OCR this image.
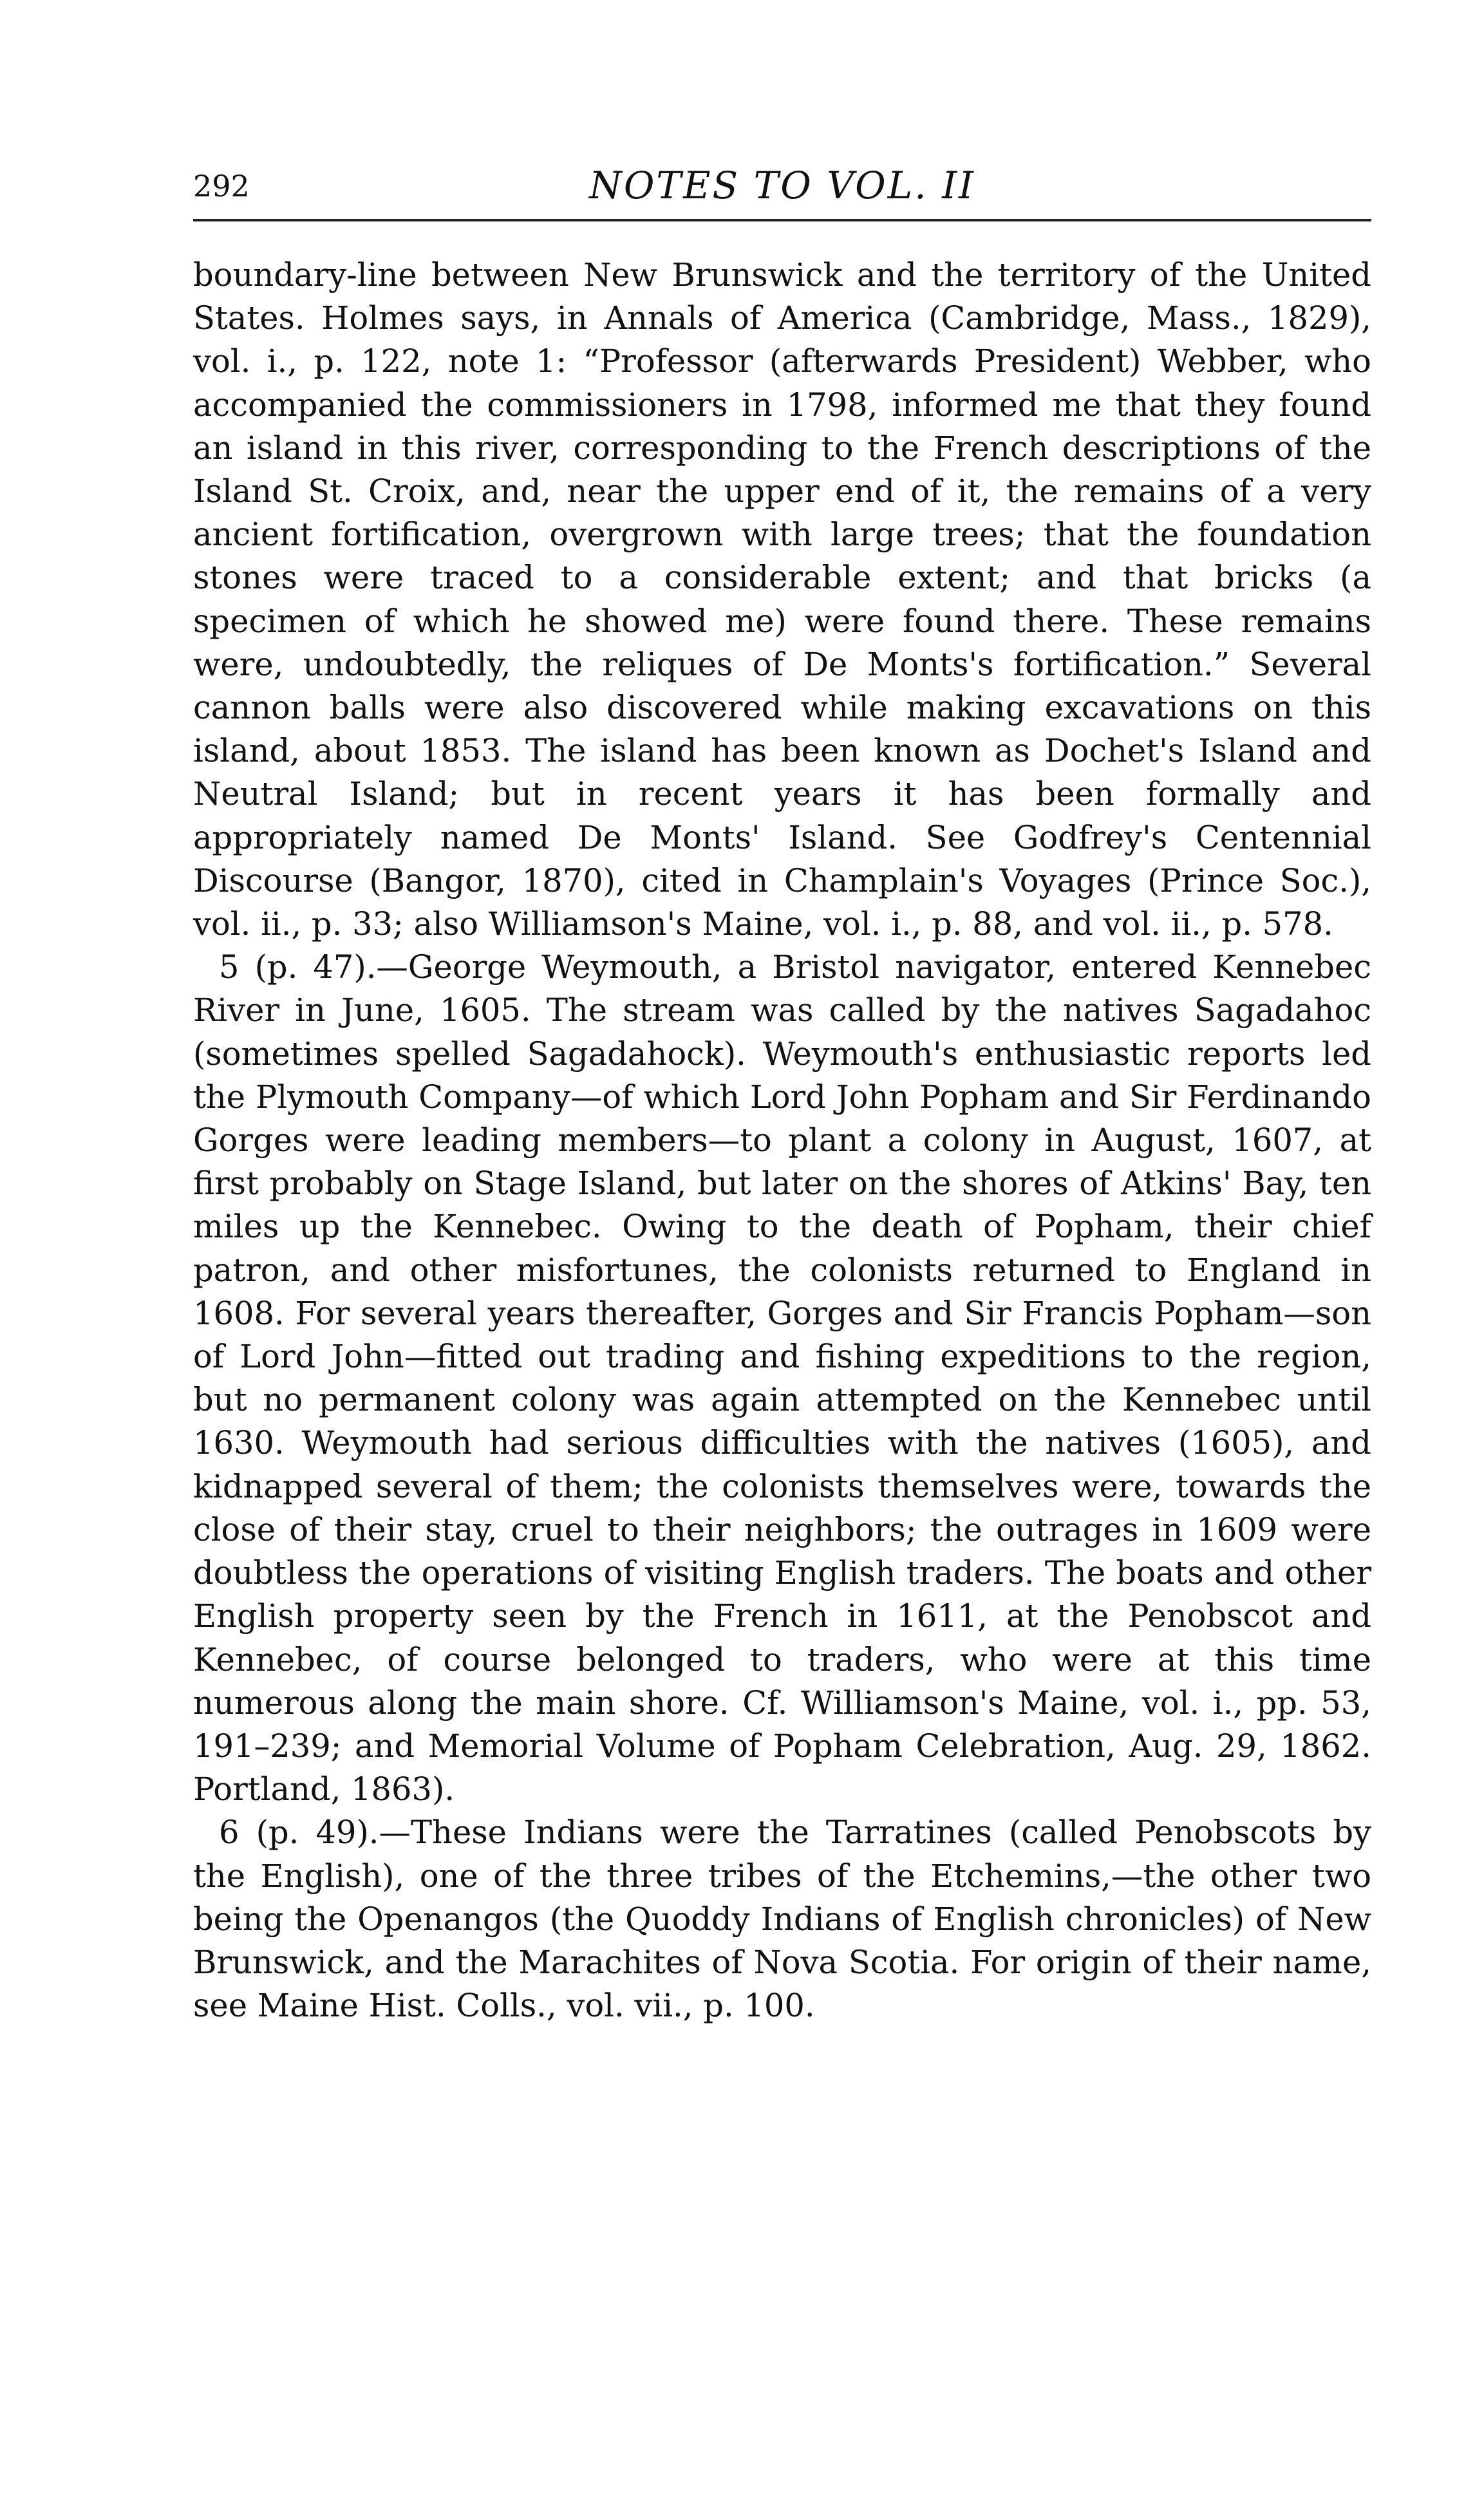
292	NOTES TO VOL. II

boundary-line between New Brunswick and the territory of the United States. Holmes says, in Annals of America (Cambridge, Mass., 1829), vol. i., p. 122, note 1: “Professor (afterwards President) Webber, who accompanied the commissioners in 1798, informed me that they found an island in this river, corresponding to the French descriptions of the Island St. Croix, and, near the upper end of it, the remains of a very ancient fortification, overgrown with large trees; that the foundation stones were traced to a considerable extent; and that bricks (a specimen of which he showed me) were found there. These remains were, undoubtedly, the reliques of De Monts's fortification.” Several cannon balls were also discovered while making excavations on this island, about 1853. The island has been known as Dochet's Island and Neutral Island; but in recent years it has been formally and appropriately named De Monts' Island. See Godfrey's Centennial Discourse (Bangor, 1870), cited in Champlain's Voyages (Prince Soc.), vol. ii., p. 33; also Williamson's Maine, vol. i., p. 88, and vol. ii., p. 578.

5 (p. 47).—George Weymouth, a Bristol navigator, entered Kennebec River in June, 1605. The stream was called by the natives Sagadahoc (sometimes spelled Sagadahock). Weymouth's enthusiastic reports led the Plymouth Company—of which Lord John Popham and Sir Ferdinando Gorges were leading members—to plant a colony in August, 1607, at first probably on Stage Island, but later on the shores of Atkins' Bay, ten miles up the Kennebec. Owing to the death of Popham, their chief patron, and other misfortunes, the colonists returned to England in 1608. For several years thereafter, Gorges and Sir Francis Popham—son of Lord John—fitted out trading and fishing expeditions to the region, but no permanent colony was again attempted on the Kennebec until 1630. Weymouth had serious difficulties with the natives (1605), and kidnapped several of them; the colonists themselves were, towards the close of their stay, cruel to their neighbors; the outrages in 1609 were doubtless the operations of visiting English traders. The boats and other English property seen by the French in 1611, at the Penobscot and Kennebec, of course belonged to traders, who were at this time numerous along the main shore. Cf. Williamson's Maine, vol. i., pp. 53, 191–239; and Memorial Volume of Popham Celebration, Aug. 29, 1862. Portland, 1863).

6 (p. 49).—These Indians were the Tarratines (called Penobscots by the English), one of the three tribes of the Etchemins,—the other two being the Openangos (the Quoddy Indians of English chronicles) of New Brunswick, and the Marachites of Nova Scotia. For origin of their name, see Maine Hist. Colls., vol. vii., p. 100.
